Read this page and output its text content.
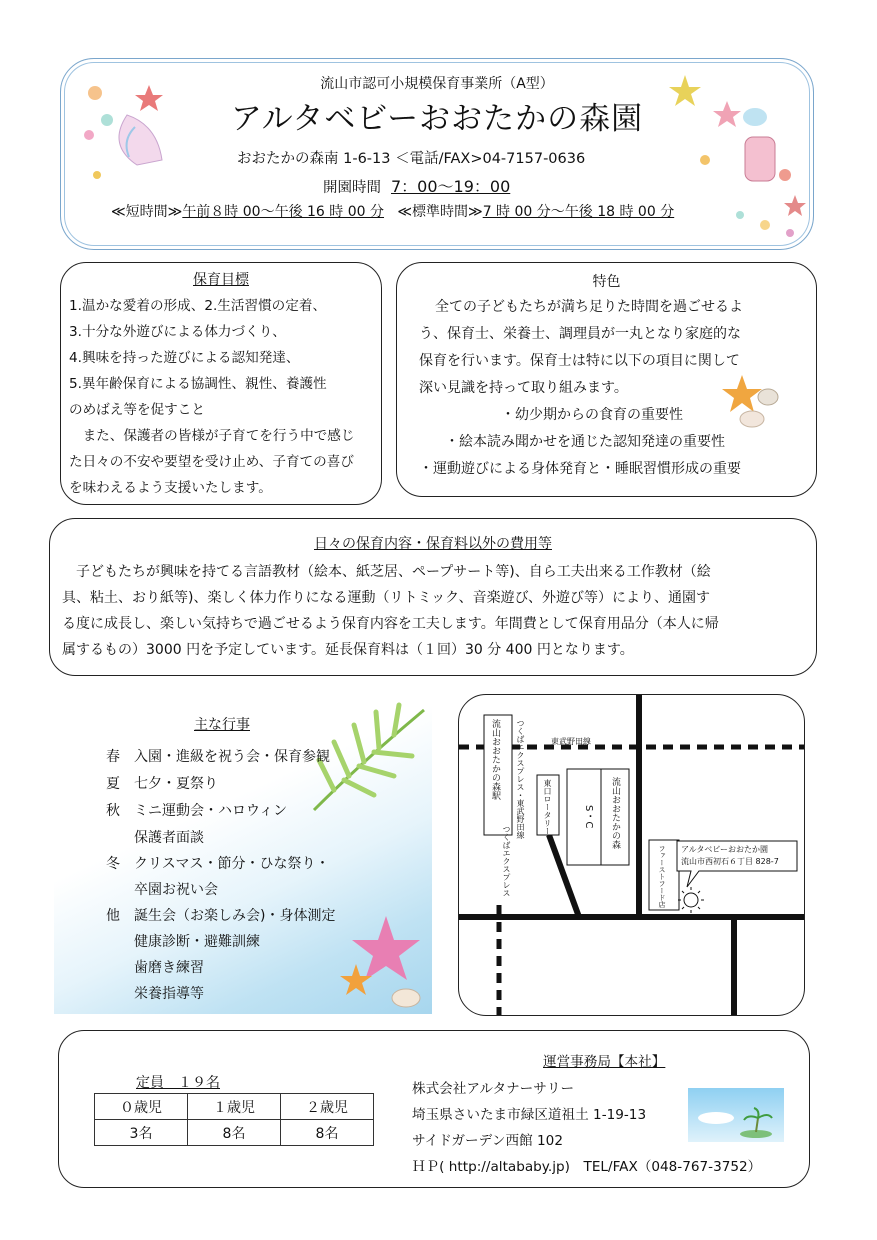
流山市認可小規模保育事業所（A型）
アルタベビーおおたかの森園
おおたかの森南 1-6-13 ＜電話/FAX>04-7157-0636
開園時間 7：00～19：00
≪短時間≫午前８時 00～午後 16 時 00 分 ≪標準時間≫7 時 00 分～午後 18 時 00 分
保育目標
1.温かな愛着の形成、2.生活習慣の定着、
3.十分な外遊びによる体力づくり、
4.興味を持った遊びによる認知発達、
5.異年齢保育による協調性、親性、養護性
のめばえ等を促すこと
　また、保護者の皆様が子育てを行う中で感じ
た日々の不安や要望を受け止め、子育ての喜び
を味わえるよう支援いたします。
特色
全ての子どもたちが満ち足りた時間を過ごせるよ
う、保育士、栄養士、調理員が一丸となり家庭的な
保育を行います。保育士は特に以下の項目に関して
深い見識を持って取り組みます。
・幼少期からの食育の重要性
・絵本読み聞かせを通じた認知発達の重要性
・運動遊びによる身体発育と・睡眠習慣形成の重要
日々の保育内容・保育料以外の費用等
　子どもたちが興味を持てる言語教材（絵本、紙芝居、ペープサート等)、自ら工夫出来る工作教材（絵
具、粘土、おり紙等)、楽しく体力作りになる運動（リトミック、音楽遊び、外遊び等）により、通園す
る度に成長し、楽しい気持ちで過ごせるよう保育内容を工夫します。年間費として保育用品分（本人に帰
属するもの）3000 円を予定しています。延長保育料は（１回）30 分 400 円となります。
主な行事
春 入園・進級を祝う会・保育参観
夏 七夕・夏祭り
秋 ミニ運動会・ハロウィン
保護者面談
冬 クリスマス・節分・ひな祭り・
卒園お祝い会
他 誕生会（お楽しみ会)・身体測定
健康診断・避難訓練
歯磨き練習
栄養指導等
流山おおたかの森駅 つくばエクスプレス・東武野田線
つくばエクスプレス
東武野田線
東口ロータリー	S・C 流山おおたかの森
ファーストフード店 アルタベビーおおたか園
流山市西初石６丁目 828-7
定員　１９名
０歳児	１歳児	２歳児
3名	8名	8名
運営事務局【本社】
株式会社アルタナーサリー
埼玉県さいたま市緑区道祖土 1-19-13
サイドガーデン西館 102
ＨＰ( http://altababy.jp)　TEL/FAX（048-767-3752）
